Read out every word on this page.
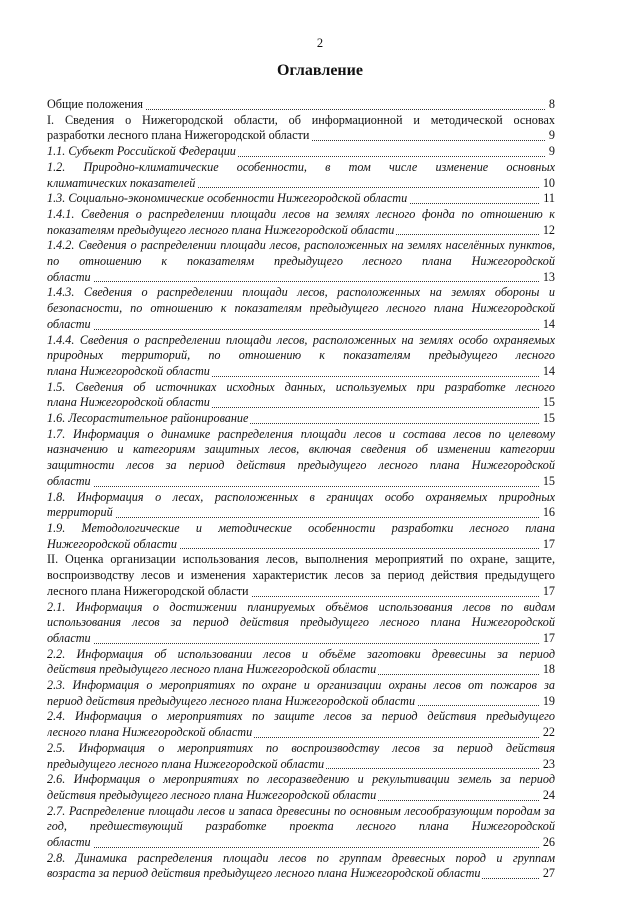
2
Оглавление
8
Общие положения
I. Сведения о Нижегородской области, об информационной и методической основах
9
разработки лесного плана Нижегородской области
9
1.1. Субъект Российской Федерации
1.2. Природно-климатические особенности, в том числе изменение основных
10
климатических показателей
11
1.3. Социально-экономические особенности Нижегородской области
1.4.1. Сведения о распределении площади лесов на землях лесного фонда по отношению к
12
показателям предыдущего лесного плана Нижегородской области
1.4.2. Сведения о распределении площади лесов, расположенных на землях населённых пунктов, по отношению к показателям предыдущего лесного плана Нижегородской
13
области
1.4.3. Сведения о распределении площади лесов, расположенных на землях обороны и безопасности, по отношению к показателям предыдущего лесного плана Нижегородской
14
области
1.4.4. Сведения о распределении площади лесов, расположенных на землях особо охраняемых природных территорий, по отношению к показателям предыдущего лесного
14
плана Нижегородской области
1.5. Сведения об источниках исходных данных, используемых при разработке лесного
15
плана Нижегородской области
15
1.6. Лесорастительное районирование
1.7. Информация о динамике распределения площади лесов и состава лесов по целевому назначению и категориям защитных лесов, включая сведения об изменении категории защитности лесов за период действия предыдущего лесного плана Нижегородской
15
области
1.8. Информация о лесах, расположенных в границах особо охраняемых природных
16
территорий
1.9. Методологические и методические особенности разработки лесного плана
17
Нижегородской области
II. Оценка организации использования лесов, выполнения мероприятий по охране, защите, воспроизводству лесов и изменения характеристик лесов за период действия предыдущего
17
лесного плана Нижегородской области
2.1. Информация о достижении планируемых объёмов использования лесов по видам использования лесов за период действия предыдущего лесного плана Нижегородской
17
области
2.2. Информация об использовании лесов и объёме заготовки древесины за период
18
действия предыдущего лесного плана Нижегородской области
2.3. Информация о мероприятиях по охране и организации охраны лесов от пожаров за
19
период действия предыдущего лесного плана Нижегородской области
2.4. Информация о мероприятиях по защите лесов за период действия предыдущего
22
лесного плана Нижегородской области
2.5. Информация о мероприятиях по воспроизводству лесов за период действия
23
предыдущего лесного плана Нижегородской области
2.6. Информация о мероприятиях по лесоразведению и рекультивации земель за период
24
действия предыдущего лесного плана Нижегородской области
2.7. Распределение площади лесов и запаса древесины по основным лесообразующим породам за год, предшествующий разработке проекта лесного плана Нижегородской
26
области
2.8. Динамика распределения площади лесов по группам древесных пород и группам
27
возраста за период действия предыдущего лесного плана Нижегородской области
